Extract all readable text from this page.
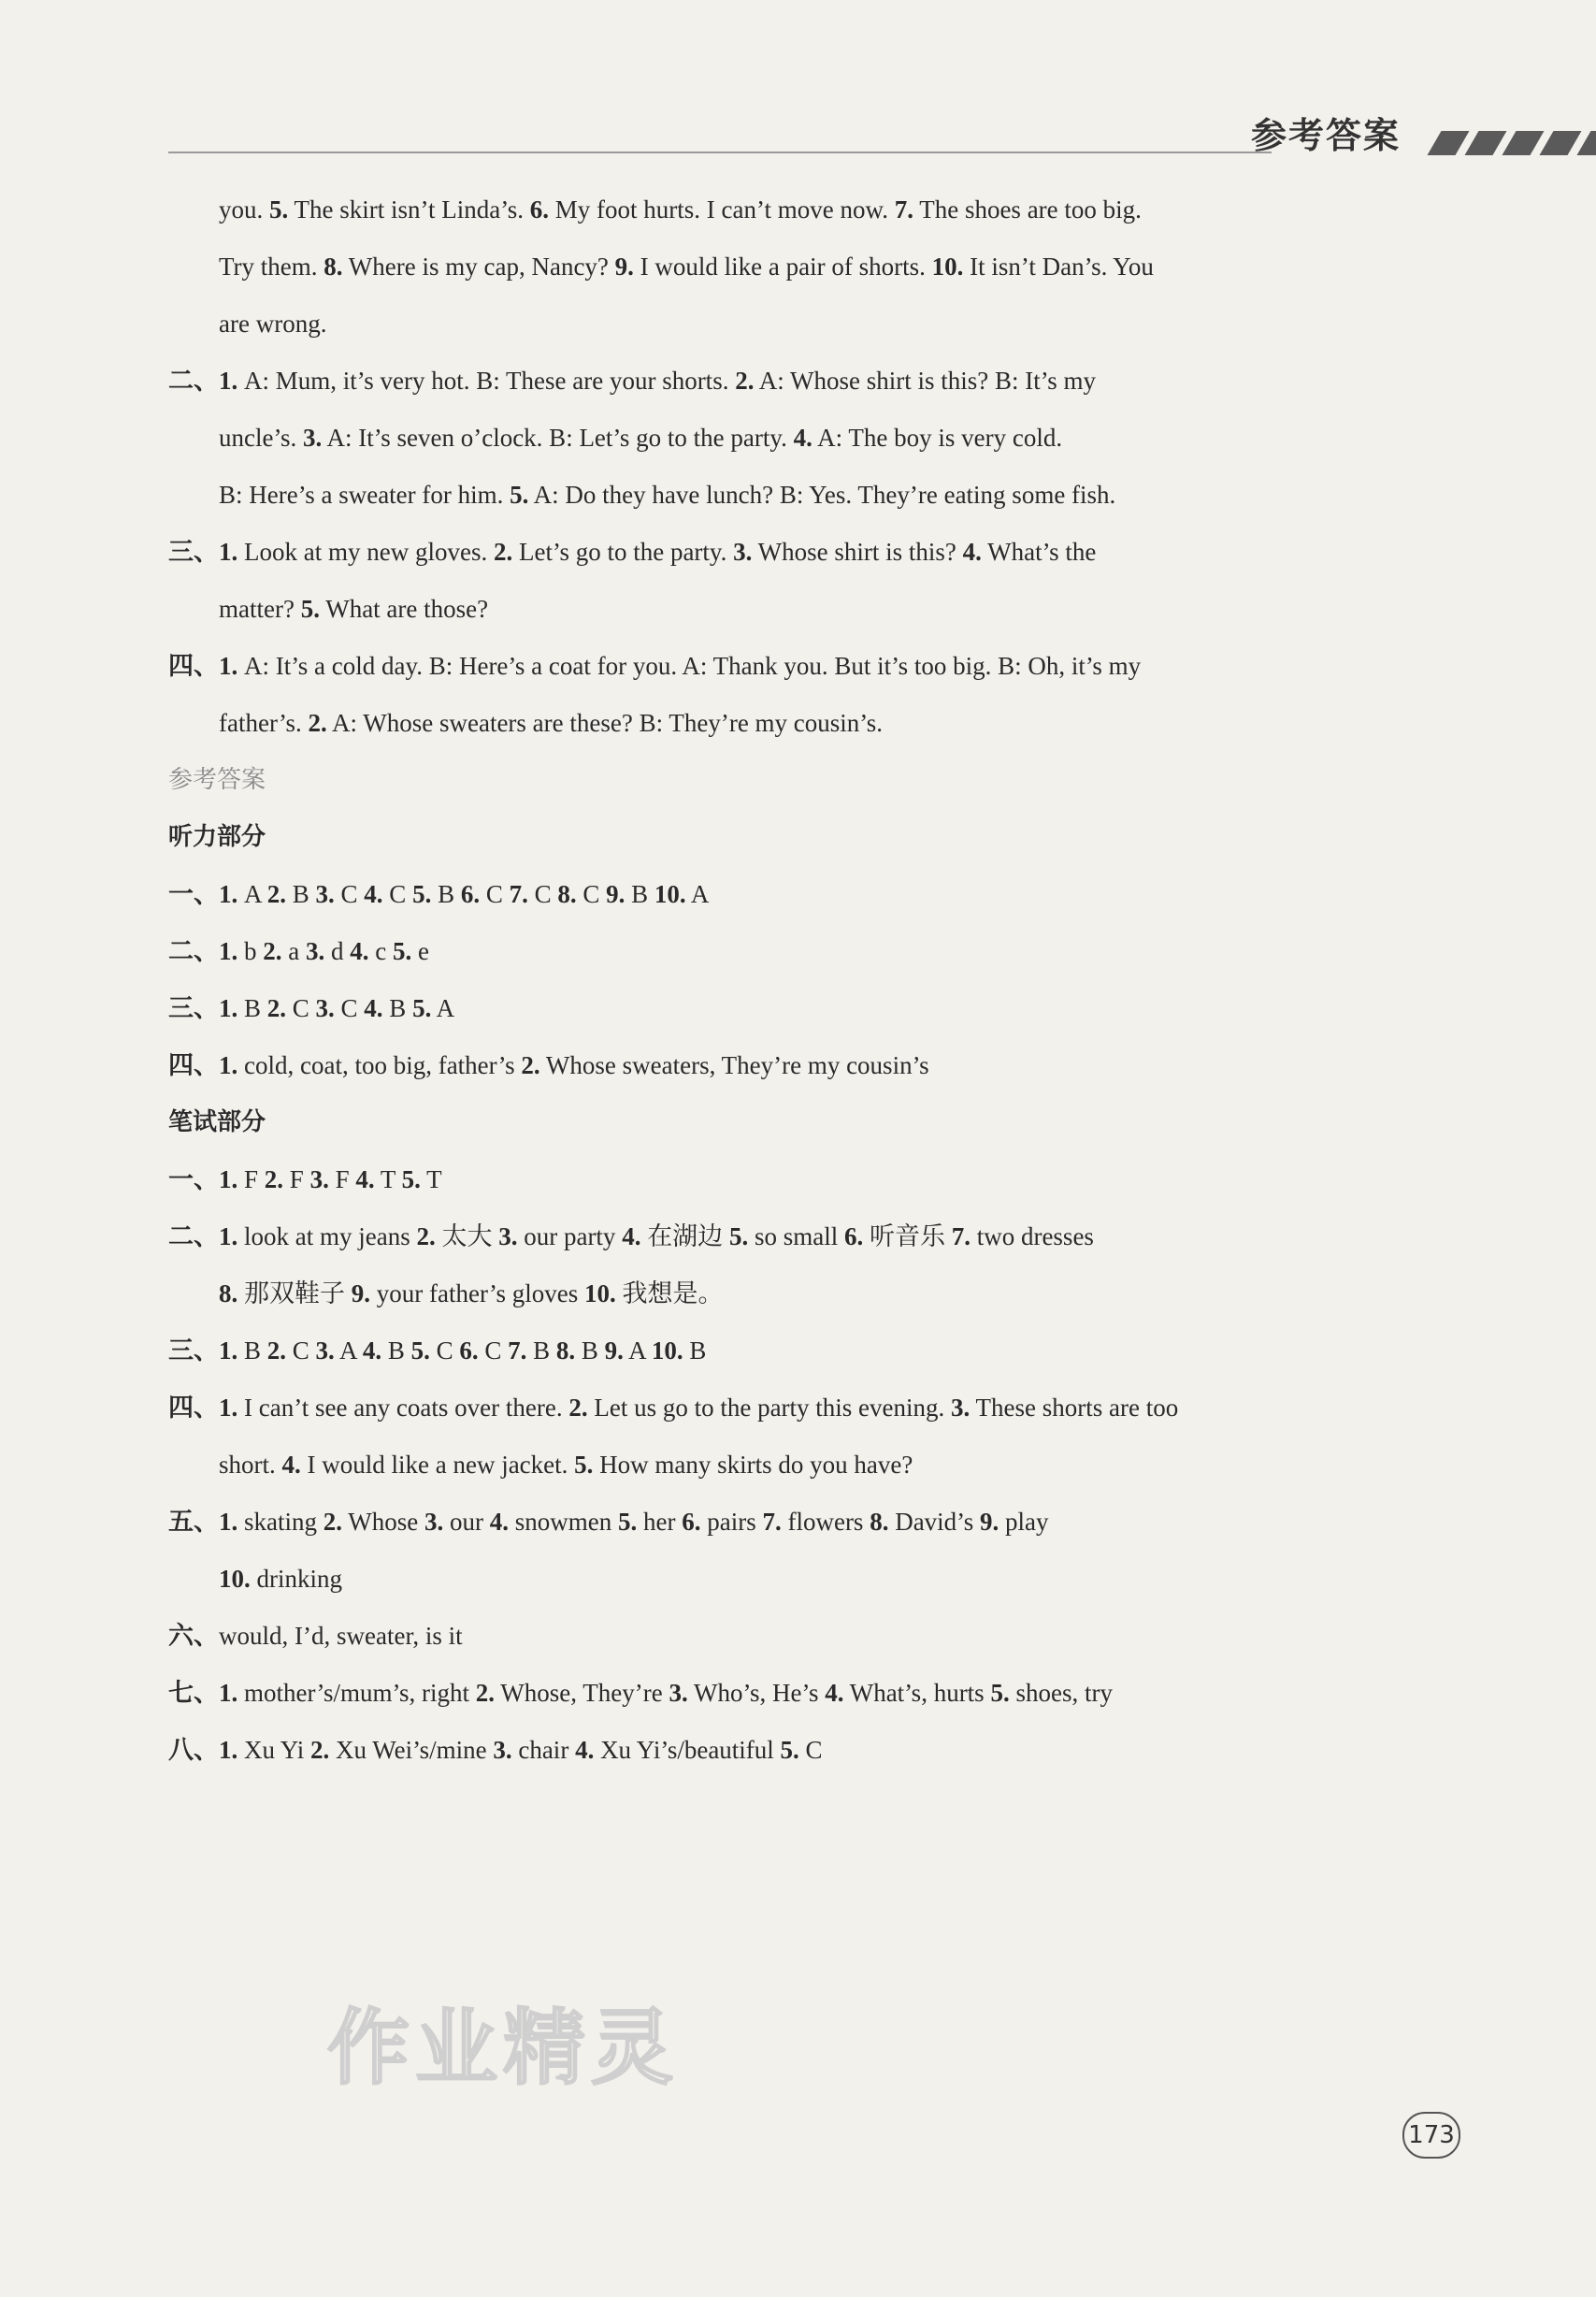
参考答案
you. 5. The skirt isn’t Linda’s. 6. My foot hurts. I can’t move now. 7. The shoes are too big.
Try them. 8. Where is my cap, Nancy? 9. I would like a pair of shorts. 10. It isn’t Dan’s. You
are wrong.
二、1. A: Mum, it’s very hot. B: These are your shorts. 2. A: Whose shirt is this? B: It’s my
uncle’s. 3. A: It’s seven o’clock. B: Let’s go to the party. 4. A: The boy is very cold.
B: Here’s a sweater for him. 5. A: Do they have lunch? B: Yes. They’re eating some fish.
三、1. Look at my new gloves. 2. Let’s go to the party. 3. Whose shirt is this? 4. What’s the
matter? 5. What are those?
四、1. A: It’s a cold day. B: Here’s a coat for you. A: Thank you. But it’s too big. B: Oh, it’s my
father’s. 2. A: Whose sweaters are these? B: They’re my cousin’s.
参考答案
听力部分
一、1. A 2. B 3. C 4. C 5. B 6. C 7. C 8. C 9. B 10. A
二、1. b 2. a 3. d 4. c 5. e
三、1. B 2. C 3. C 4. B 5. A
四、1. cold, coat, too big, father’s 2. Whose sweaters, They’re my cousin’s
笔试部分
一、1. F 2. F 3. F 4. T 5. T
二、1. look at my jeans 2. 太大 3. our party 4. 在湖边 5. so small 6. 听音乐 7. two dresses
8. 那双鞋子 9. your father’s gloves 10. 我想是。
三、1. B 2. C 3. A 4. B 5. C 6. C 7. B 8. B 9. A 10. B
四、1. I can’t see any coats over there. 2. Let us go to the party this evening. 3. These shorts are too
short. 4. I would like a new jacket. 5. How many skirts do you have?
五、1. skating 2. Whose 3. our 4. snowmen 5. her 6. pairs 7. flowers 8. David’s 9. play
10. drinking
六、would, I’d, sweater, is it
七、1. mother’s/mum’s, right 2. Whose, They’re 3. Who’s, He’s 4. What’s, hurts 5. shoes, try
八、1. Xu Yi 2. Xu Wei’s/mine 3. chair 4. Xu Yi’s/beautiful 5. C
作业精灵
173
